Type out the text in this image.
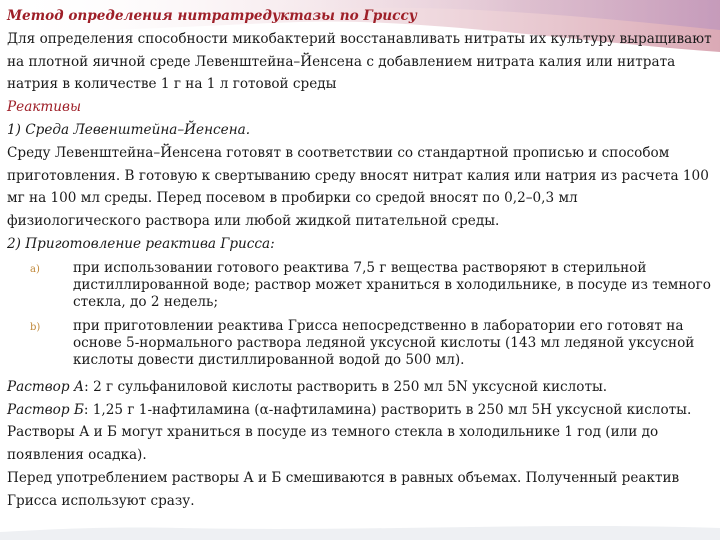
Метод определения нитратредуктазы по Гриссу

Для определения способности микобактерий восстанавливать нитраты их культуру выращивают на плотной яичной среде Левенштейна–Йенсена с добавлением нитрата калия или нитрата натрия в количестве 1 г на 1 л готовой среды

Реактивы

1) Среда Левенштейна–Йенсена.

Среду Левенштейна–Йенсена готовят в соответствии со стандартной прописью и способом приготовления. В готовую к свертыванию среду вносят нитрат калия или натрия из расчета 100 мг на 100 мл среды. Перед посевом в пробирки со средой вносят по 0,2–0,3 мл физиологического раствора или любой жидкой питательной среды.

2) Приготовление реактива Грисса:

a)	при использовании готового реактива 7,5 г вещества растворяют в стерильной дистиллированной воде; раствор может храниться в холодильнике, в посуде из темного стекла, до 2 недель;
b)	при приготовлении реактива Грисса непосредственно в лаборатории его готовят на основе 5-нормального раствора ледяной уксусной кислоты (143 мл ледяной уксусной кислоты довести дистиллированной водой до 500 мл).

Раствор А: 2 г сульфаниловой кислоты растворить в 250 мл 5N уксусной кислоты.

Раствор Б: 1,25 г 1-нафтиламина (α-нафтиламина) растворить в 250 мл 5Н уксусной кислоты.

Растворы А и Б могут храниться в посуде из темного стекла в холодильнике 1 год (или до появления осадка).

Перед употреблением растворы А и Б смешиваются в равных объемах. Полученный реактив Грисса используют сразу.
